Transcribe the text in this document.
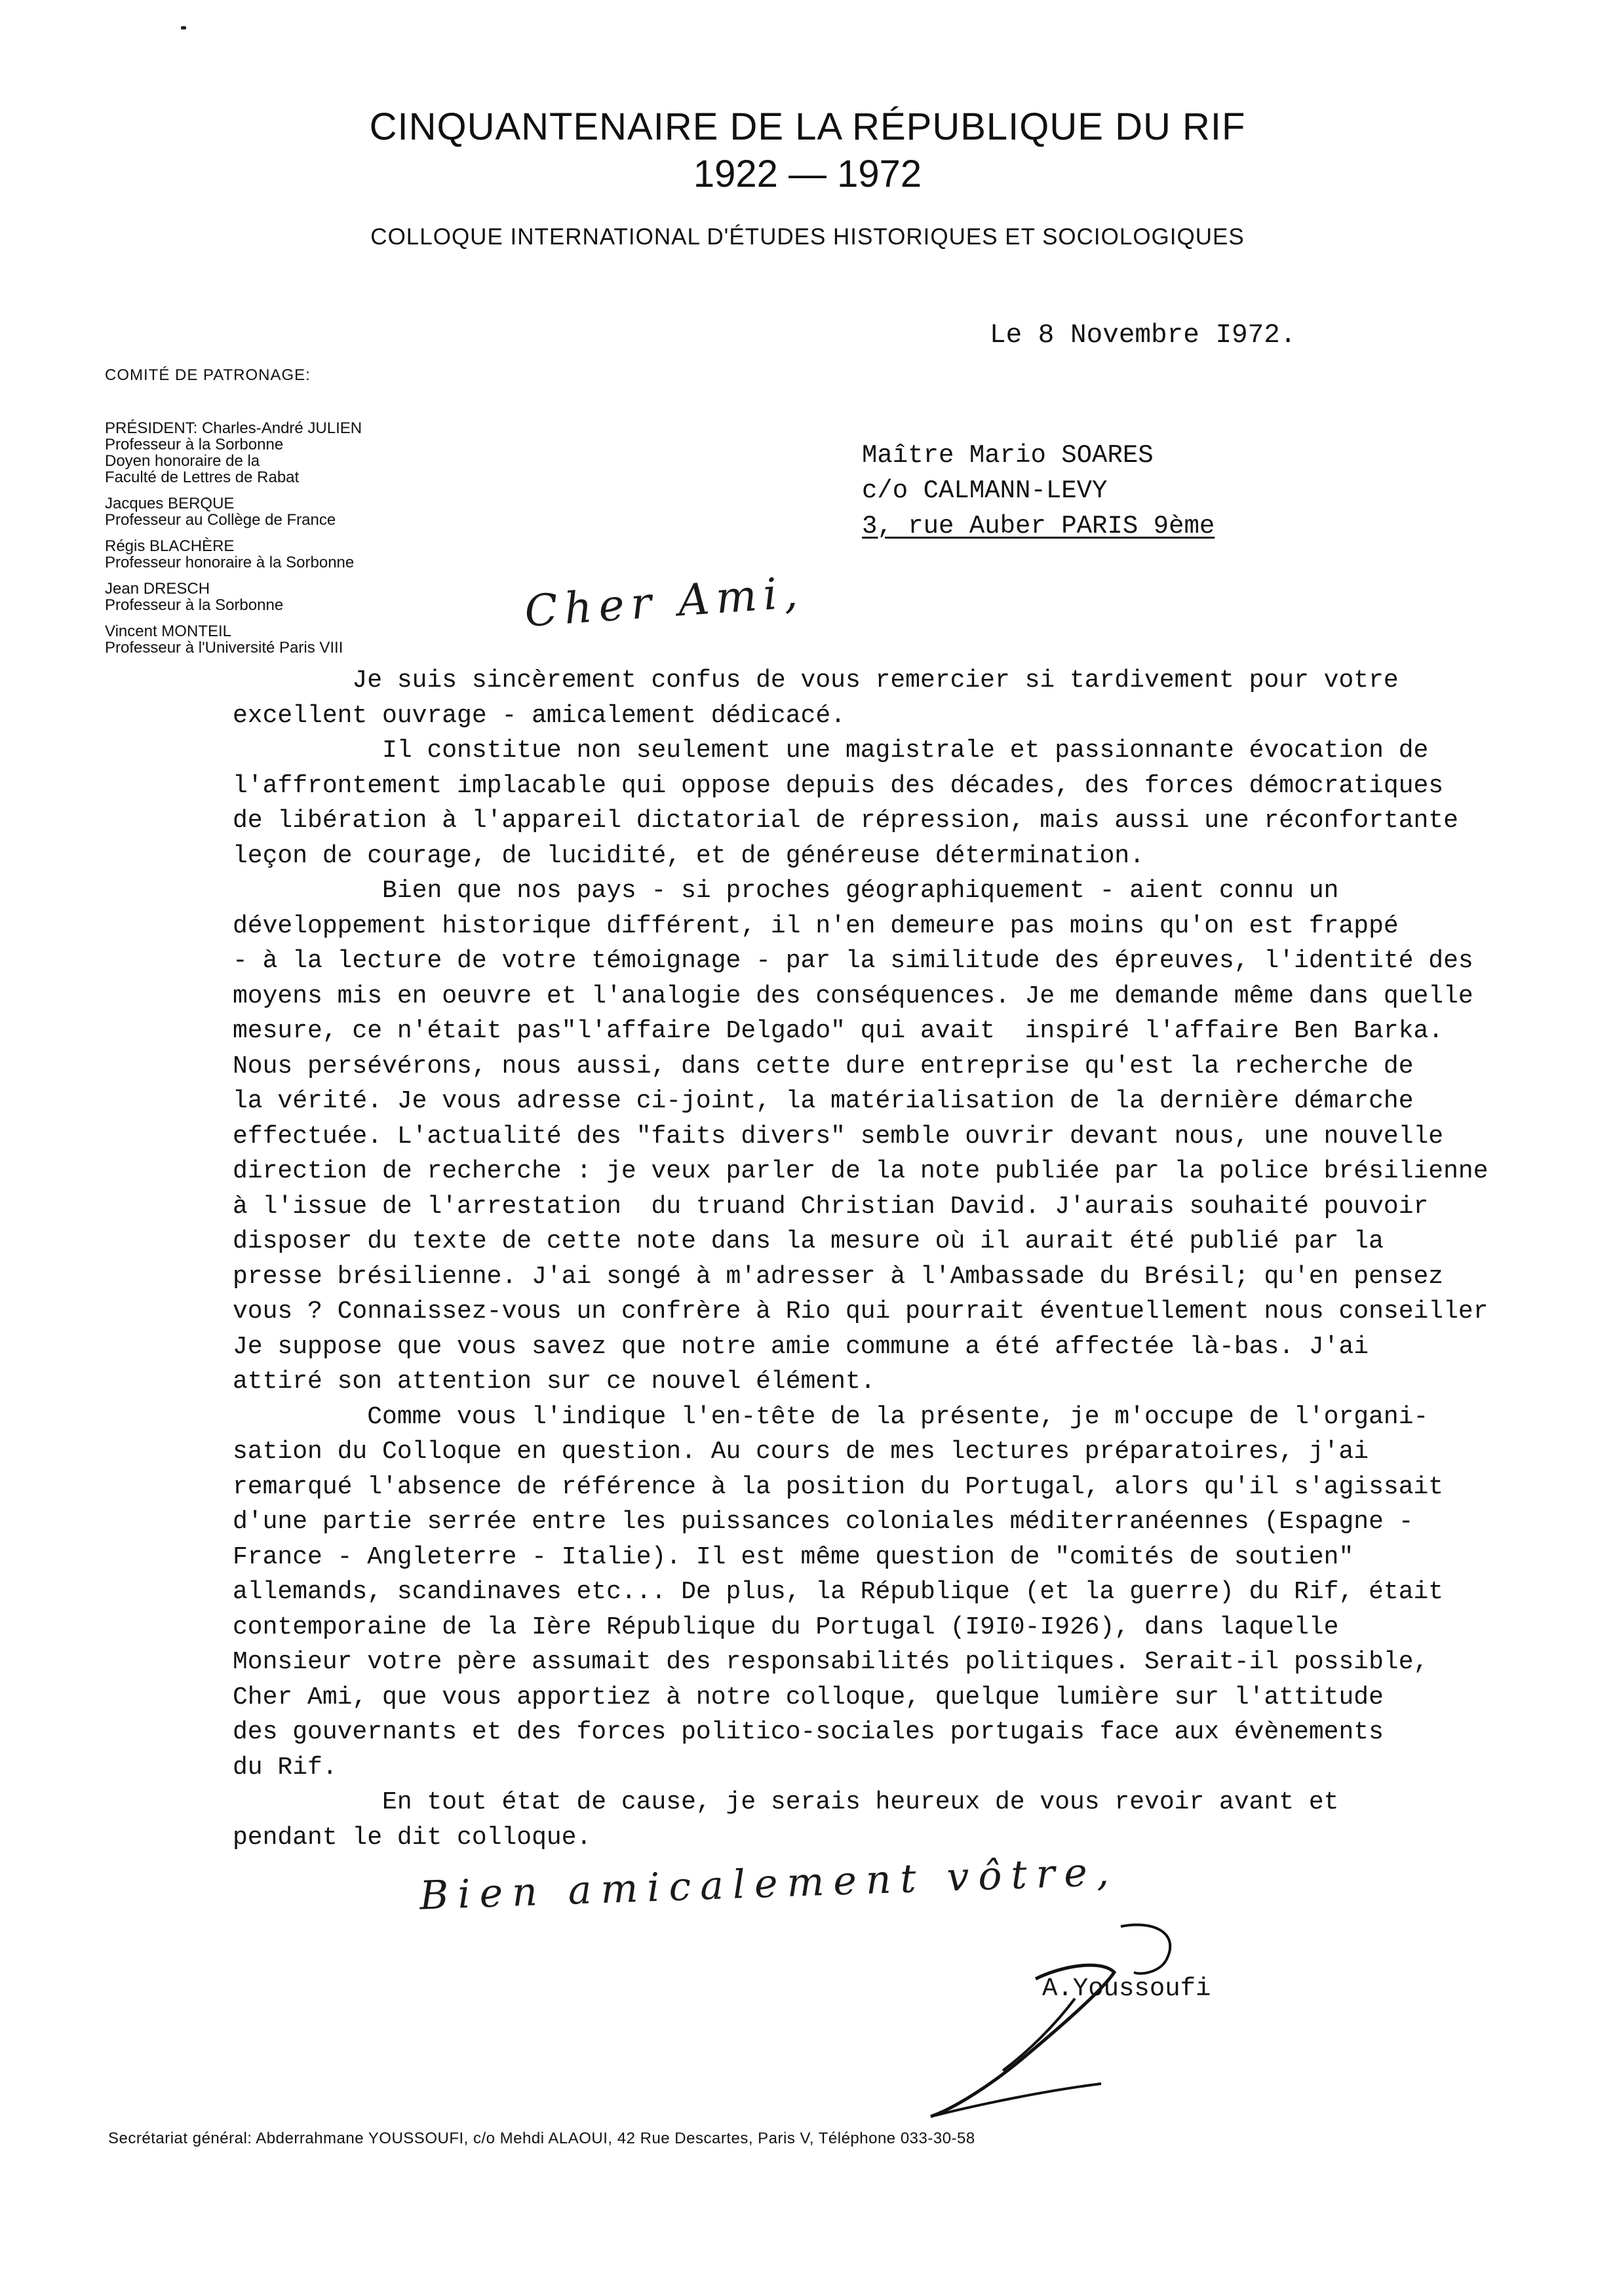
CINQUANTENAIRE DE LA RÉPUBLIQUE DU RIF
1922 — 1972
COLLOQUE INTERNATIONAL D'ÉTUDES HISTORIQUES ET SOCIOLOGIQUES
Le 8 Novembre I972.
COMITÉ DE PATRONAGE:
PRÉSIDENT: Charles-André JULIEN
Professeur à la Sorbonne
Doyen honoraire de la
Faculté de Lettres de Rabat
Jacques BERQUE
Professeur au Collège de France
Régis BLACHÈRE
Professeur honoraire à la Sorbonne
Jean DRESCH
Professeur à la Sorbonne
Vincent MONTEIL
Professeur à l'Université Paris VIII
Maître Mario SOARES
c/o CALMANN-LEVY
3, rue Auber PARIS 9ème
Cher Ami,

Je suis sincèrement confus de vous remercier si tardivement pour votre

excellent ouvrage - amicalement dédicacé.

Il constitue non seulement une magistrale et passionnante évocation de

l'affrontement implacable qui oppose depuis des décades, des forces démocratiques

de libération à l'appareil dictatorial de répression, mais aussi une réconfortante

leçon de courage, de lucidité, et de généreuse détermination.

Bien que nos pays - si proches géographiquement - aient connu un

développement historique différent, il n'en demeure pas moins qu'on est frappé

- à la lecture de votre témoignage - par la similitude des épreuves, l'identité des

moyens mis en oeuvre et l'analogie des conséquences. Je me demande même dans quelle

mesure, ce n'était pas"l'affaire Delgado" qui avait  inspiré l'affaire Ben Barka.

Nous persévérons, nous aussi, dans cette dure entreprise qu'est la recherche de

la vérité. Je vous adresse ci-joint, la matérialisation de la dernière démarche

effectuée. L'actualité des "faits divers" semble ouvrir devant nous, une nouvelle

direction de recherche : je veux parler de la note publiée par la police brésilienne

à l'issue de l'arrestation  du truand Christian David. J'aurais souhaité pouvoir

disposer du texte de cette note dans la mesure où il aurait été publié par la

presse brésilienne. J'ai songé à m'adresser à l'Ambassade du Brésil; qu'en pensez

vous ? Connaissez-vous un confrère à Rio qui pourrait éventuellement nous conseiller

Je suppose que vous savez que notre amie commune a été affectée là-bas. J'ai

attiré son attention sur ce nouvel élément.

Comme vous l'indique l'en-tête de la présente, je m'occupe de l'organi-

sation du Colloque en question. Au cours de mes lectures préparatoires, j'ai

remarqué l'absence de référence à la position du Portugal, alors qu'il s'agissait

d'une partie serrée entre les puissances coloniales méditerranéennes (Espagne -

France - Angleterre - Italie). Il est même question de "comités de soutien"

allemands, scandinaves etc... De plus, la République (et la guerre) du Rif, était

contemporaine de la Ière République du Portugal (I9I0-I926), dans laquelle

Monsieur votre père assumait des responsabilités politiques. Serait-il possible,

Cher Ami, que vous apportiez à notre colloque, quelque lumière sur l'attitude

des gouvernants et des forces politico-sociales portugais face aux évènements

du Rif.

En tout état de cause, je serais heureux de vous revoir avant et

pendant le dit colloque.

Bien amicalement vôtre,
A.Youssoufi
Secrétariat général: Abderrahmane YOUSSOUFI, c/o Mehdi ALAOUI, 42 Rue Descartes, Paris V, Téléphone 033-30-58
